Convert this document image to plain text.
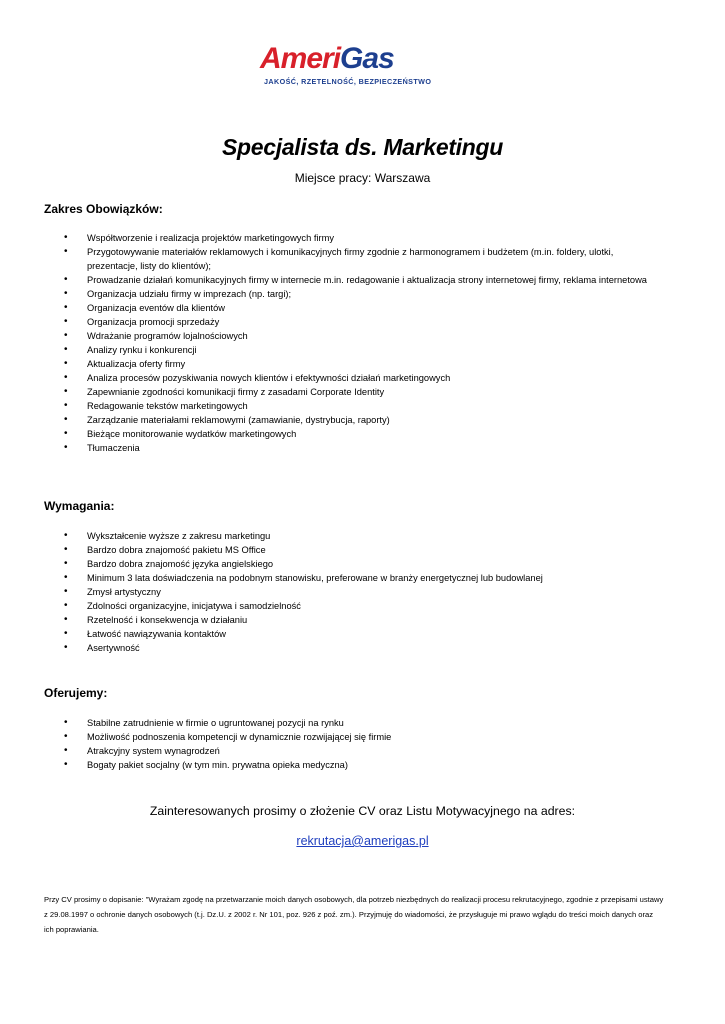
AmeriGas
JAKOŚĆ, RZETELNOŚĆ, BEZPIECZEŃSTWO
Specjalista ds. Marketingu
Miejsce pracy: Warszawa
Zakres Obowiązków:
• Współtworzenie i realizacja projektów marketingowych firmy
• Przygotowywanie materiałów reklamowych i komunikacyjnych firmy zgodnie z harmonogramem i budżetem (m.in. foldery, ulotki, prezentacje, listy do klientów);
• Prowadzanie działań komunikacyjnych firmy w internecie m.in. redagowanie i aktualizacja strony internetowej firmy, reklama internetowa
• Organizacja udziału firmy w imprezach (np. targi);
• Organizacja eventów dla klientów
• Organizacja promocji sprzedaży
• Wdrażanie programów lojalnościowych
• Analizy rynku i konkurencji
• Aktualizacja oferty firmy
• Analiza procesów pozyskiwania nowych klientów i efektywności działań marketingowych
• Zapewnianie zgodności komunikacji firmy z zasadami Corporate Identity
• Redagowanie tekstów marketingowych
• Zarządzanie materiałami reklamowymi (zamawianie, dystrybucja, raporty)
• Bieżące monitorowanie wydatków marketingowych
• Tłumaczenia
Wymagania:
• Wykształcenie wyższe z zakresu marketingu
• Bardzo dobra znajomość pakietu MS Office
• Bardzo dobra znajomość języka angielskiego
• Minimum 3 lata doświadczenia na podobnym stanowisku, preferowane w branży energetycznej lub budowlanej
• Zmysł artystyczny
• Zdolności organizacyjne, inicjatywa i samodzielność
• Rzetelność i konsekwencja w działaniu
• Łatwość nawiązywania kontaktów
• Asertywność
Oferujemy:
• Stabilne zatrudnienie w firmie o ugruntowanej pozycji na rynku
• Możliwość podnoszenia kompetencji w dynamicznie rozwijającej się firmie
• Atrakcyjny system wynagrodzeń
• Bogaty pakiet socjalny (w tym min. prywatna opieka medyczna)
Zainteresowanych prosimy o złożenie CV oraz Listu Motywacyjnego na adres:
rekrutacja@amerigas.pl
Przy CV prosimy o dopisanie: "Wyrażam zgodę na przetwarzanie moich danych osobowych, dla potrzeb niezbędnych do realizacji procesu rekrutacyjnego, zgodnie z przepisami ustawy z 29.08.1997 o ochronie danych osobowych (t.j. Dz.U. z 2002 r. Nr 101, poz. 926 z poź. zm.). Przyjmuję do wiadomości, że przysługuje mi prawo wglądu do treści moich danych oraz ich poprawiania.
